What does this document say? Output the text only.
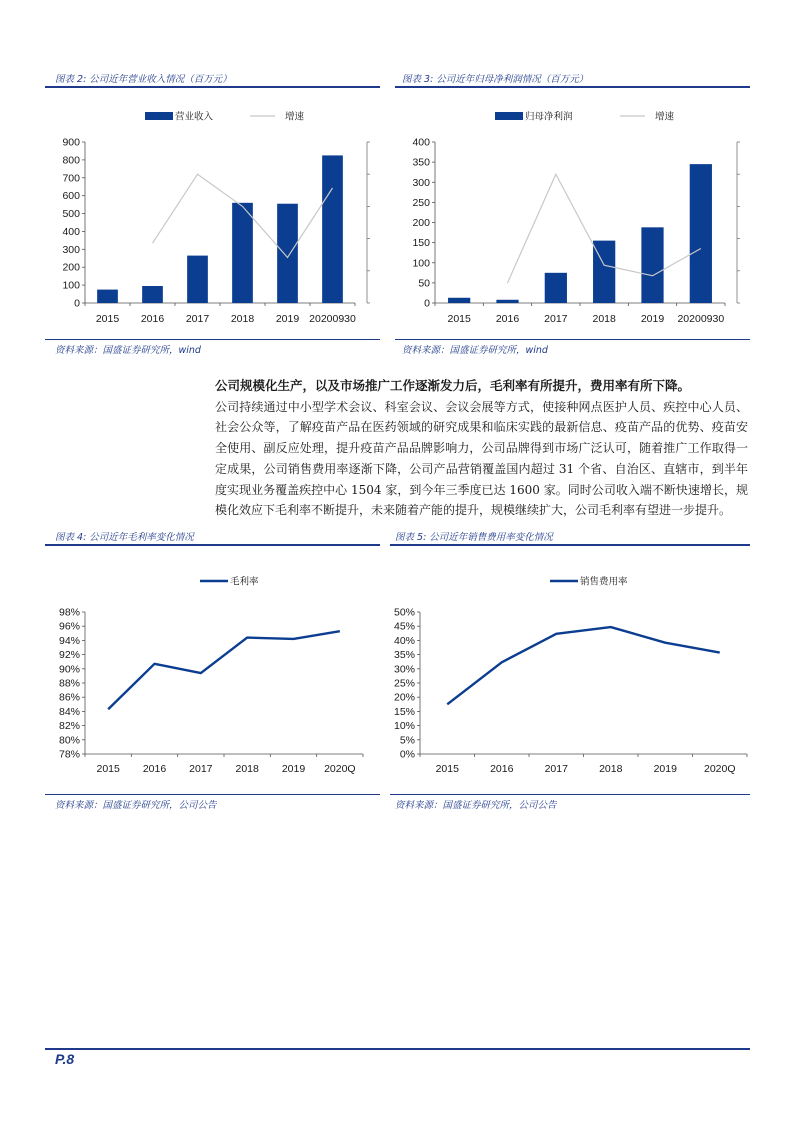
图表 2: 公司近年营业收入情况（百万元）
900
800
700
600
500
400
300
200
100
0
2015 2016 2017 2018 2019 20200930
营业收入	增速
资料来源：国盛证券研究所，wind
图表 3: 公司近年归母净利润情况（百万元）
400
350
300
250
200
150
100
50
0
2015 2016 2017 2018 2019 20200930
归母净利润	增速
资料来源：国盛证券研究所，wind
公司规模化生产，以及市场推广工作逐渐发力后，毛利率有所提升，费用率有所下降。
公司持续通过中小型学术会议、科室会议、会议会展等方式，使接种网点医护人员、疾控中心人员、社会公众等，了解疫苗产品在医药领域的研究成果和临床实践的最新信息、疫苗产品的优势、疫苗安全使用、副反应处理，提升疫苗产品品牌影响力，公司品牌得到市场广泛认可，随着推广工作取得一定成果，公司销售费用率逐渐下降，公司产品营销覆盖国内超过 31 个省、自治区、直辖市，到半年度实现业务覆盖疾控中心 1504 家，到今年三季度已达 1600 家。同时公司收入端不断快速增长，规模化效应下毛利率不断提升，未来随着产能的提升，规模继续扩大，公司毛利率有望进一步提升。
图表 4: 公司近年毛利率变化情况
98%
96%
94%
92%
90%
88%
86%
84%
82%
80%
78%
2015 2016 2017 2018 2019 2020Q
毛利率
资料来源：国盛证券研究所，公司公告
图表 5: 公司近年销售费用率变化情况
50%
45%
40%
35%
30%
25%
20%
15%
10%
5%
0%
2015	2016	2017	2018	2019	2020Q
销售费用率
资料来源：国盛证券研究所，公司公告
P.8
